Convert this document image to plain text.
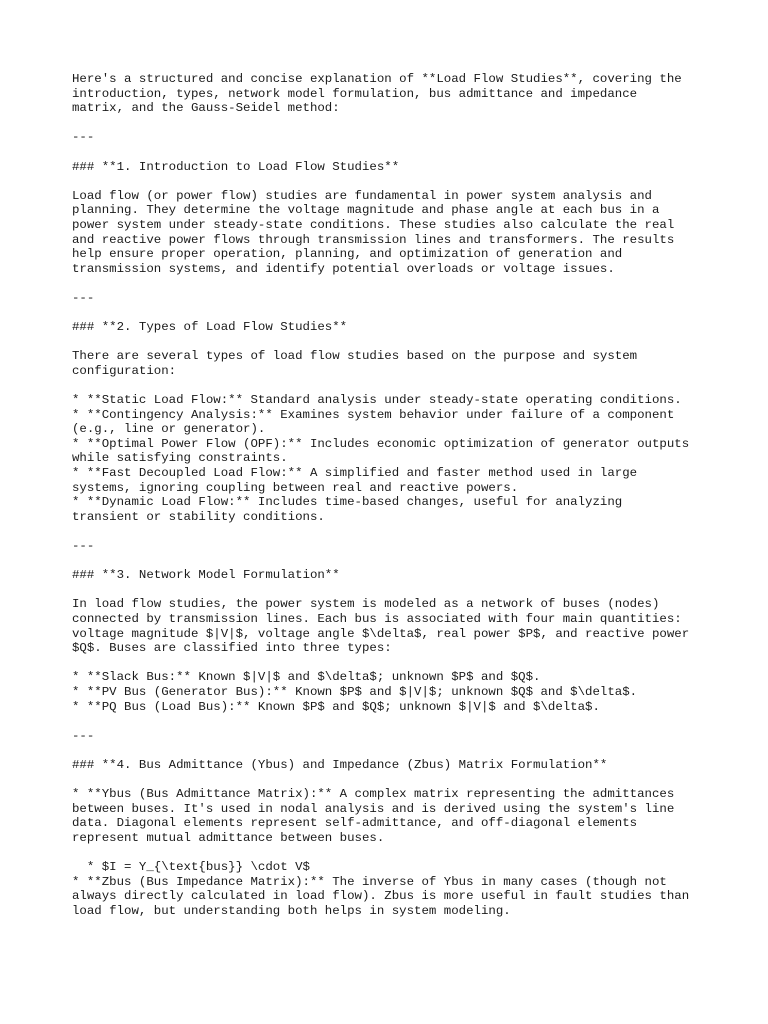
Here's a structured and concise explanation of **Load Flow Studies**, covering the
introduction, types, network model formulation, bus admittance and impedance
matrix, and the Gauss-Seidel method:
---
### **1. Introduction to Load Flow Studies**
Load flow (or power flow) studies are fundamental in power system analysis and
planning. They determine the voltage magnitude and phase angle at each bus in a
power system under steady-state conditions. These studies also calculate the real
and reactive power flows through transmission lines and transformers. The results
help ensure proper operation, planning, and optimization of generation and
transmission systems, and identify potential overloads or voltage issues.
---
### **2. Types of Load Flow Studies**
There are several types of load flow studies based on the purpose and system
configuration:
* **Static Load Flow:** Standard analysis under steady-state operating conditions.
* **Contingency Analysis:** Examines system behavior under failure of a component
(e.g., line or generator).
* **Optimal Power Flow (OPF):** Includes economic optimization of generator outputs
while satisfying constraints.
* **Fast Decoupled Load Flow:** A simplified and faster method used in large
systems, ignoring coupling between real and reactive powers.
* **Dynamic Load Flow:** Includes time-based changes, useful for analyzing
transient or stability conditions.
---
### **3. Network Model Formulation**
In load flow studies, the power system is modeled as a network of buses (nodes)
connected by transmission lines. Each bus is associated with four main quantities:
voltage magnitude $|V|$, voltage angle $\delta$, real power $P$, and reactive power
$Q$. Buses are classified into three types:
* **Slack Bus:** Known $|V|$ and $\delta$; unknown $P$ and $Q$.
* **PV Bus (Generator Bus):** Known $P$ and $|V|$; unknown $Q$ and $\delta$.
* **PQ Bus (Load Bus):** Known $P$ and $Q$; unknown $|V|$ and $\delta$.
---
### **4. Bus Admittance (Ybus) and Impedance (Zbus) Matrix Formulation**
* **Ybus (Bus Admittance Matrix):** A complex matrix representing the admittances
between buses. It's used in nodal analysis and is derived using the system's line
data. Diagonal elements represent self-admittance, and off-diagonal elements
represent mutual admittance between buses.
* $I = Y_{\text{bus}} \cdot V$
* **Zbus (Bus Impedance Matrix):** The inverse of Ybus in many cases (though not
always directly calculated in load flow). Zbus is more useful in fault studies than
load flow, but understanding both helps in system modeling.
